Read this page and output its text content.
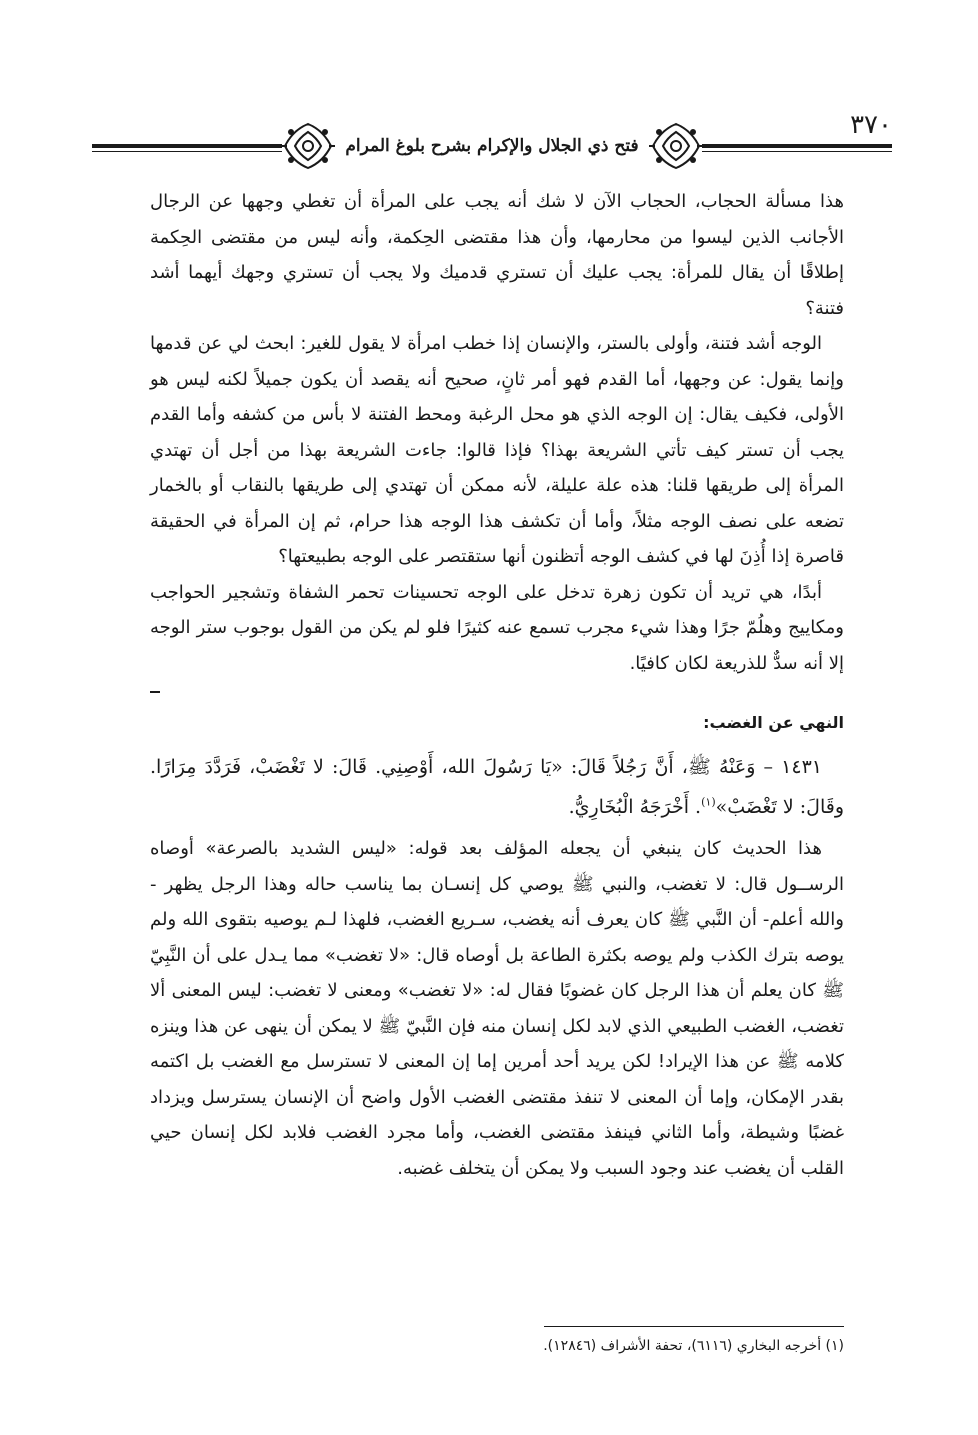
٣٧٠
فتح ذي الجلال والإكرام بشرح بلوغ المرام

هذا مسألة الحجاب، الحجاب الآن لا شك أنه يجب على المرأة أن تغطي وجهها عن الرجال الأجانب الذين ليسوا من محارمها، وأن هذا مقتضى الحِكمة، وأنه ليس من مقتضى الحِكمة إطلاقًا أن يقال للمرأة: يجب عليك أن تستري قدميك ولا يجب أن تستري وجهك أيهما أشد فتنة؟

الوجه أشد فتنة، وأولى بالستر، والإنسان إذا خطب امرأة لا يقول للغير: ابحث لي عن قدمها وإنما يقول: عن وجهها، أما القدم فهو أمر ثانٍ، صحيح أنه يقصد أن يكون جميلاً لكنه ليس هو الأولى، فكيف يقال: إن الوجه الذي هو محل الرغبة ومحط الفتنة لا بأس من كشفه وأما القدم يجب أن تستر كيف تأتي الشريعة بهذا؟ فإذا قالوا: جاءت الشريعة بهذا من أجل أن تهتدي المرأة إلى طريقها قلنا: هذه علة عليلة، لأنه ممكن أن تهتدي إلى طريقها بالنقاب أو بالخمار تضعه على نصف الوجه مثلاً، وأما أن تكشف هذا الوجه هذا حرام، ثم إن المرأة في الحقيقة قاصرة إذا أُذِنَ لها في كشف الوجه أتظنون أنها ستقتصر على الوجه بطبيعتها؟

أبدًا، هي تريد أن تكون زهرة تدخل على الوجه تحسينات تحمر الشفاة وتشجير الحواجب ومكاييج وهلُمّ جرًا وهذا شيء مجرب تسمع عنه كثيرًا فلو لم يكن من القول بوجوب ستر الوجه إلا أنه سدٌّ للذريعة لكان كافيًا.

النهي عن الغضب:

١٤٣١ – وَعَنْهُ ﷺ، أَنَّ رَجُلاً قَالَ: «يَا رَسُولَ الله، أَوْصِنِي. قَالَ: لا تَغْضَبْ، فَرَدَّدَ مِرَارًا. وقَالَ: لا تَغْضَبْ»$^{(١)}$. أَخْرَجَهُ الْبُخَارِيُّ.

هذا الحديث كان ينبغي أن يجعله المؤلف بعد قوله: «ليس الشديد بالصرعة» أوصاه الرســول قال: لا تغضب، والنبي ﷺ يوصي كل إنسـان بما يناسب حاله وهذا الرجل يظهر - والله أعلم- أن النَّبي ﷺ كان يعرف أنه يغضب، سـريع الغضب، فلهذا لـم يوصيه بتقوى الله ولم يوصه بترك الكذب ولم يوصه بكثرة الطاعة بل أوصاه قال: «لا تغضب» مما يـدل على أن النَّبِيّ ﷺ كان يعلم أن هذا الرجل كان غضوبًا فقال له: «لا تغضب» ومعنى لا تغضب: ليس المعنى ألا تغضب، الغضب الطبيعي الذي لابد لكل إنسان منه فإن النَّبيّ ﷺ لا يمكن أن ينهى عن هذا وينزه كلامه ﷺ عن هذا الإيراد! لكن يريد أحد أمرين إما إن المعنى لا تسترسل مع الغضب بل اكتمه بقدر الإمكان، وإما أن المعنى لا تنفذ مقتضى الغضب الأول واضح أن الإنسان يسترسل ويزداد غضبًا وشيطة، وأما الثاني فينفذ مقتضى الغضب، وأما مجرد الغضب فلابد لكل إنسان حيي القلب أن يغضب عند وجود السبب ولا يمكن أن يتخلف غضبه.

(١) أخرجه البخاري (٦١١٦)، تحفة الأشراف (١٢٨٤٦).
